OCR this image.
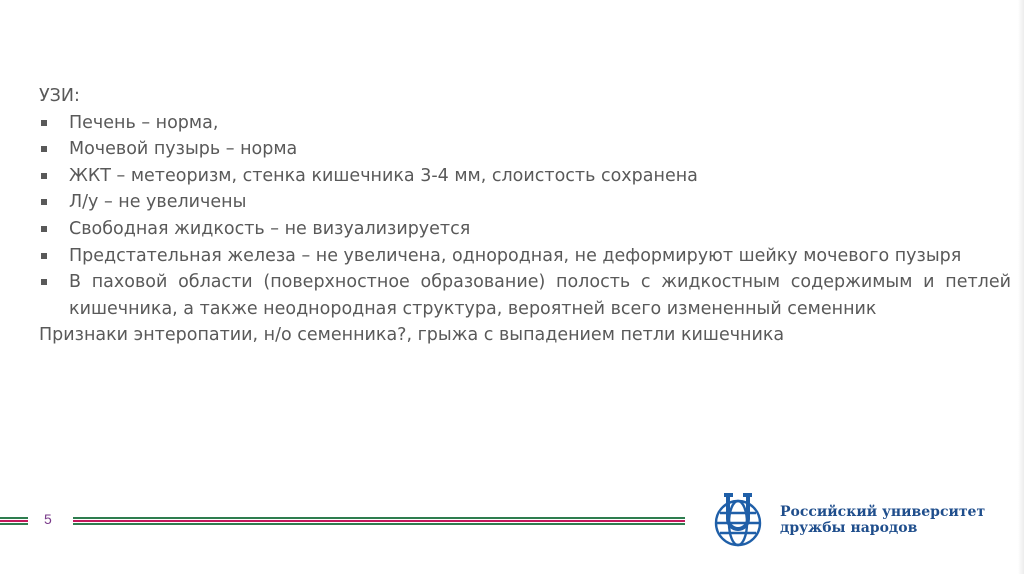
УЗИ:

Печень – норма,
Мочевой пузырь – норма
ЖКТ – метеоризм, стенка кишечника 3-4 мм, слоистость сохранена
Л/у – не увеличены
Свободная жидкость – не визуализируется
Предстательная железа – не увеличена, однородная, не деформируют шейку мочевого пузыря
В паховой области (поверхностное образование) полость с жидкостным содержимым и петлей кишечника, а также неоднородная структура, вероятней всего измененный семенник

Признаки энтеропатии, н/о семенника?, грыжа с выпадением петли кишечника

5	Российский университет
дружбы народов
